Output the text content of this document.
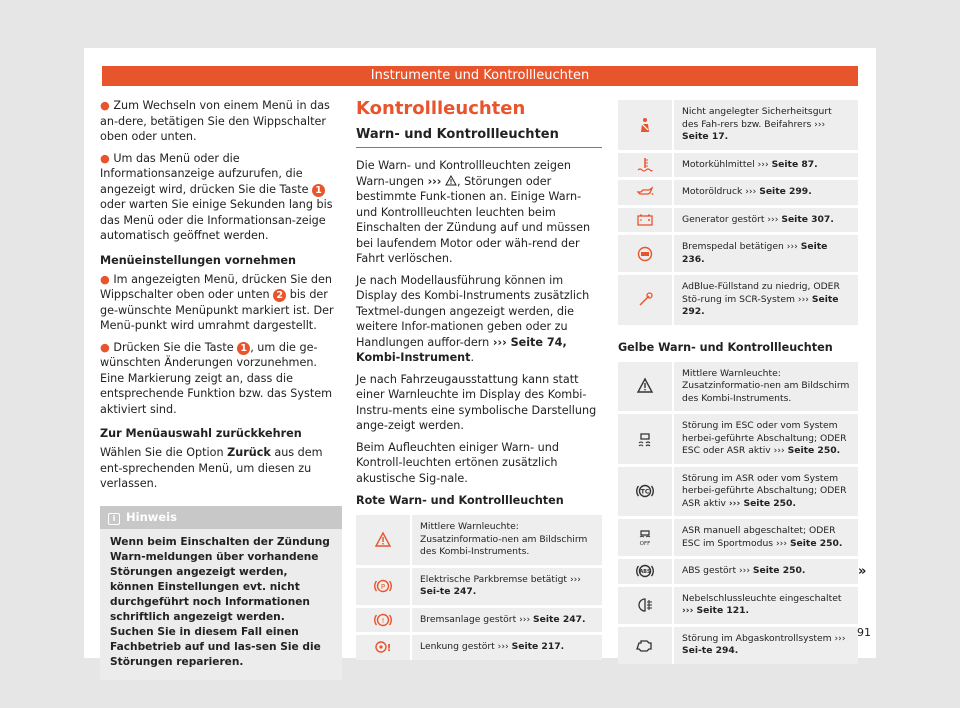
Instrumente und Kontrollleuchten

● Zum Wechseln von einem Menü in das an-dere, betätigen Sie den Wippschalter oben oder unten.

● Um das Menü oder die Informationsanzeige aufzurufen, die angezeigt wird, drücken Sie die Taste 1 oder warten Sie einige Sekunden lang bis das Menü oder die Informationsan-zeige automatisch geöffnet werden.

Menüeinstellungen vornehmen

● Im angezeigten Menü, drücken Sie den Wippschalter oben oder unten 2 bis der ge-wünschte Menüpunkt markiert ist. Der Menü-punkt wird umrahmt dargestellt.

● Drücken Sie die Taste 1 , um die ge-wünschten Änderungen vorzunehmen. Eine Markierung zeigt an, dass die entsprechende Funktion bzw. das System aktiviert sind.

Zur Menüauswahl zurückkehren

Wählen Sie die Option Zurück aus dem ent-sprechenden Menü, um diesen zu verlassen.

i Hinweis
Wenn beim Einschalten der Zündung Warn-meldungen über vorhandene Störungen angezeigt werden, können Einstellungen evt. nicht durchgeführt noch Informationen schriftlich angezeigt werden. Suchen Sie in diesem Fall einen Fachbetrieb auf und las-sen Sie die Störungen reparieren.
Kontrollleuchten
Warn- und Kontrollleuchten

Die Warn- und Kontrollleuchten zeigen Warn-ungen ››› , Störungen oder bestimmte Funk-tionen an. Einige Warn- und Kontrollleuchten leuchten beim Einschalten der Zündung auf und müssen bei laufendem Motor oder wäh-rend der Fahrt verlöschen.

Je nach Modellausführung können im Display des Kombi-Instruments zusätzlich Textmel-dungen angezeigt werden, die weitere Infor-mationen geben oder zu Handlungen auffor-dern ››› Seite 74, Kombi-Instrument.

Je nach Fahrzeugausstattung kann statt einer Warnleuchte im Display des Kombi-Instru-ments eine symbolische Darstellung ange-zeigt werden.

Beim Aufleuchten einiger Warn- und Kontroll-leuchten ertönen zusätzlich akustische Sig-nale.

Rote Warn- und Kontrollleuchten
Mittlere Warnleuchte: Zusatzinformatio-nen am Bildschirm des Kombi-Instruments.
P
Elektrische Parkbremse betätigt ››› Sei-te 247.
!	Bremsanlage gestört ››› Seite 247.
!	Lenkung gestört ››› Seite 217.
Nicht angelegter Sicherheitsgurt des Fah-rers bzw. Beifahrers ››› Seite 17.
Motorkühlmittel ››› Seite 87.
Motoröldruck ››› Seite 299.
Generator gestört ››› Seite 307.
Bremspedal betätigen ››› Seite 236.
AdBlue-Füllstand zu niedrig, ODER Stö-rung im SCR-System ››› Seite 292.
Gelbe Warn- und Kontrollleuchten
Mittlere Warnleuchte: Zusatzinformatio-nen am Bildschirm des Kombi-Instruments.
Störung im ESC oder vom System herbei-geführte Abschaltung; ODER ESC oder ASR aktiv ››› Seite 250.
TC
Störung im ASR oder vom System herbei-geführte Abschaltung; ODER ASR aktiv ››› Seite 250.
OFF
ASR manuell abgeschaltet; ODER ESC im Sportmodus ››› Seite 250.
ABS	ABS gestört ››› Seite 250.
Nebelschlussleuchte eingeschaltet ››› Seite 121.
Störung im Abgaskontrollsystem ››› Sei-te 294.
»
91
